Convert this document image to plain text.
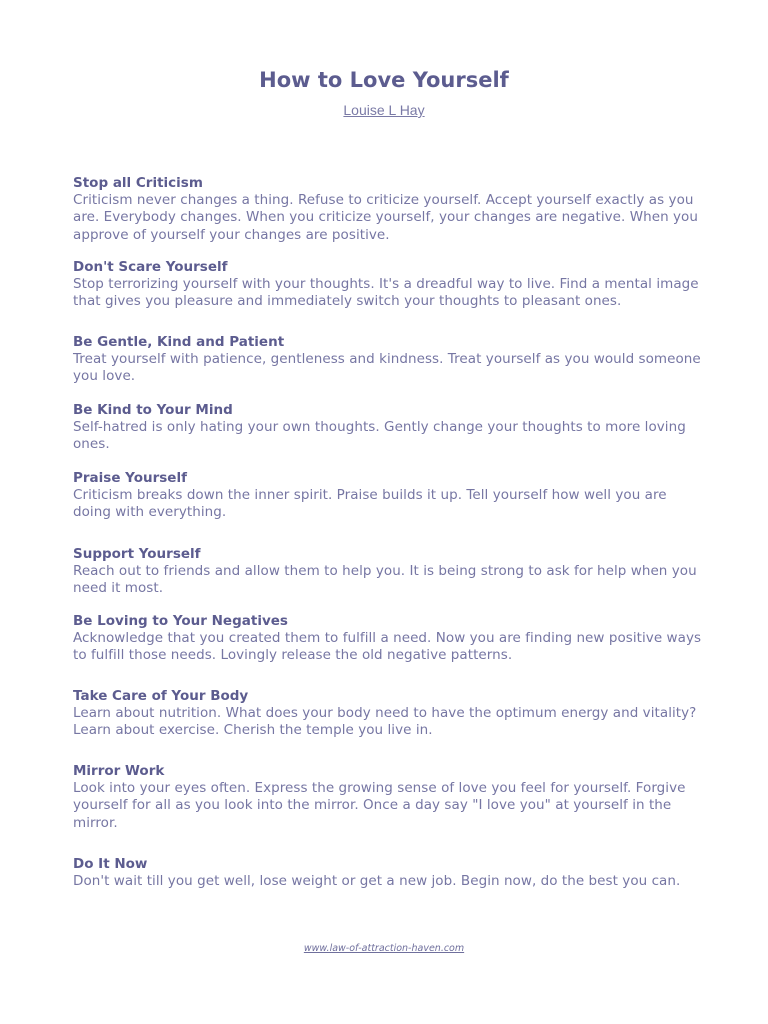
How to Love Yourself
Louise L Hay

Stop all Criticism

Criticism never changes a thing. Refuse to criticize yourself. Accept yourself exactly as you are. Everybody changes. When you criticize yourself, your changes are negative. When you approve of yourself your changes are positive.

Don't Scare Yourself

Stop terrorizing yourself with your thoughts. It's a dreadful way to live. Find a mental image that gives you pleasure and immediately switch your thoughts to pleasant ones.

Be Gentle, Kind and Patient

Treat yourself with patience, gentleness and kindness. Treat yourself as you would someone you love.

Be Kind to Your Mind

Self-hatred is only hating your own thoughts. Gently change your thoughts to more loving ones.

Praise Yourself

Criticism breaks down the inner spirit. Praise builds it up. Tell yourself how well you are doing with everything.

Support Yourself

Reach out to friends and allow them to help you. It is being strong to ask for help when you need it most.

Be Loving to Your Negatives

Acknowledge that you created them to fulfill a need. Now you are finding new positive ways to fulfill those needs. Lovingly release the old negative patterns.

Take Care of Your Body

Learn about nutrition. What does your body need to have the optimum energy and vitality? Learn about exercise. Cherish the temple you live in.

Mirror Work

Look into your eyes often. Express the growing sense of love you feel for yourself. Forgive yourself for all as you look into the mirror. Once a day say "I love you" at yourself in the mirror.

Do It Now

Don't wait till you get well, lose weight or get a new job. Begin now, do the best you can.

www.law-of-attraction-haven.com
